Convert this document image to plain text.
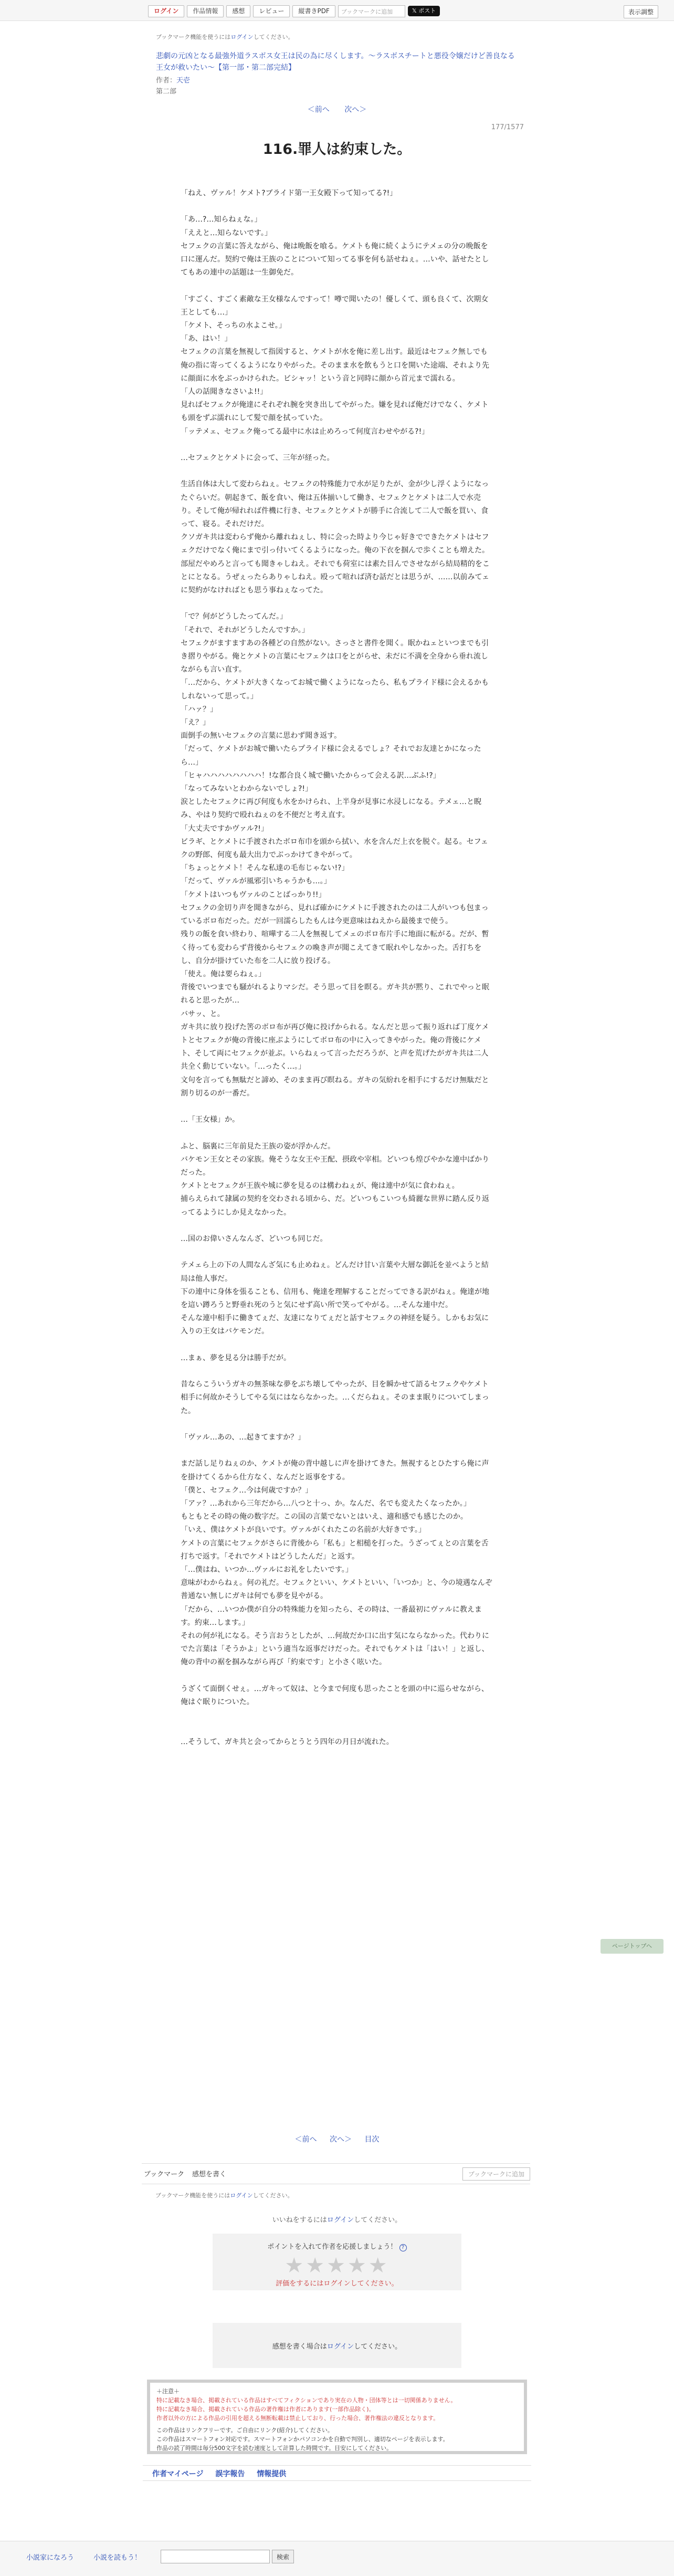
ログイン	作品情報	感想	レビュー	縦書きPDF	ブックマークに追加	𝕏 ポスト	表示調整
ブックマーク機能を使うにはログインしてください。
悲劇の元凶となる最強外道ラスボス女王は民の為に尽くします。〜ラスボスチートと悪役令嬢だけど善良なる王女が救いたい〜【第一部・第二部完結】
作者：天壱
第二部
＜前へ 次へ＞
177/1577
116.罪人は約束した。

「ねえ、ヴァル！ケメト?ブライド第一王女殿下って知ってる?!」

「あ…?…知らねぇな。」

「ええと…知らないです。」

セフェクの言葉に答えながら、俺は晩飯を喰る。ケメトも俺に続くようにテメェの分の晩飯を口に運んだ。契約で俺は王族のことについて知ってる事を何も話せねぇ。…いや、話せたとしてもあの連中の話題は一生御免だ。

「すごく、すごく素敵な王女様なんですって！噂で聞いたの！優しくて、頭も良くて、次期女王としても…」

「ケメト、そっちの水よこせ。」

「あ、はい！」

セフェクの言葉を無視して指図すると、ケメトが水を俺に差し出す。最近はセフェク無しでも俺の指に寄ってくるようになりやがった。そのまま水を飲もうと口を開いた途端、それより先に顔面に水をぶっかけられた。ビシャッ！という音と同時に顔から首元まで濡れる。

「人の話聞きなさいよ!!」

見ればセフェクが俺達にそれぞれ腕を突き出してやがった。嫌を見れば俺だけでなく、ケメトも頭をずぶ濡れにして髪で顔を拭っていた。

「ッテメェ、セフェク俺ってる最中に水は止めろって何度言わせやがる?!」

…セフェクとケメトに会って、三年が経った。

生活自体は大して変わらねぇ。セフェクの特殊能力で水が足りたが、金が少し浮くようになったぐらいだ。朝起きて、飯を食い、俺は五体揃いして働き、セフェクとケメトは二人で水売り。そして俺が帰れれば件機に行き、セフェクとケメトが勝手に合流して二人で飯を買い、食って、寝る。それだけだ。

クソガキ共は変わらず俺から離れねぇし、特に会った時より今じゃ好きでできたケメトはセフェクだけでなく俺にまで引っ付いてくるようになった。俺の下衣を掴んで歩くことも増えた。部屋だやめろと言っても聞きゃしねえ。それでも荷室には素た目んでさせながら結局精的をことにとなる。うぜぇったらありゃしねえ。殴って喧れば済む話だとは思うが、……以前みてェに契約がなければとも思う事ねぇなってた。

「で？何がどうしたってんだ。」

「それで、それがどうしたんですか。」

セフェクがますますあの各種どの自然がない。さっさと書件を聞く。眠かねェといつまでも引き摺りやがる。俺とケメトの言葉にセフェクは口をとがらせ、未だに不満を全身から垂れ流しながらも言い直す。

「…だから、ケメトが大きくなってお城で働くようになったら、私もプライド様に会えるかもしれないって思って。」

「ハァ？」

「え？」

面倒手の無いセフェクの言葉に思わず聞き返す。

「だって、ケメトがお城で働いたらプライド様に会えるでしょ？それでお友達とかになったら…」

「ヒャハハハハハハハハ！!な都合良く城で働いたからって会える訳…ぶふ!?」

「なってみないとわからないでしょ?!」

涙としたセフェクに再び何度も水をかけられ、上半身が見事に水浸しになる。テメェ…と睨み、やはり契約で殴れねぇのを不便だと考え直す。

「大丈夫ですかヴァル?!」

ビラギ、とケメトに手渡されたボロ布巾を頭から拭い、水を含んだ上衣を脱ぐ。起る。セフェクの野郎、何度も最大出力でぶっかけてきやがって。

「ちょっとケメト！そんな私達の毛布じゃない!?」

「だって、ヴァルが風邪引いちゃうかも…。」

「ケメトはいつもヴァルのことばっかり!!」

セフェクの金切り声を聞きながら、見れば確かにケメトに手渡されたのは二人がいつも包まっているボロ布だった。だが一回濡らしたもんは今更意味はねえから最後まで使う。

残りの飯を食い終わり、喧嘩する二人を無視してメェのボロ布片手に地面に転がる。だが、暫く待っても変わらず背後からセフェクの喚き声が聞こえてきて眠れやしなかった。舌打ちをし、自分が掛けていた布を二人に放り投げる。

「使え。俺は要らねぇ。」

背後でいつまでも騒がれるよりマシだ。そう思って目を瞑る。ガキ共が黙り、これでやっと眠れると思ったが…

バサッ、と。

ガキ共に放り投げた筈のボロ布が再び俺に投げかられる。なんだと思って振り返れば丁度ケメトとセフェクが俺の背後に座ぶようにしてボロ布の中に入ってきやがった。俺の背後にケメト、そして両にセフェクが並ぶ。いらねぇって言っただろうが、と声を荒げたがガキ共は二人共全く動じていない。「…ったく…。」

文句を言っても無駄だと諦め、そのまま再び瞑ねる。ガキの気紛れを相手にするだけ無駄だと割り切るのが一番だ。

…「王女様」か。

ふと、脳裏に三年前見た王族の姿が浮かんだ。

バケモン王女とその家族。俺そうな女王や王配、摂政や宰相。どいつも煌びやかな連中ばかりだった。

ケメトとセフェクが王族や城に夢を見るのは構わねぇが、俺は連中が気に食わねぇ。

捕らえられて隷属の契約を交わされる頃から、だ。どいつもこいつも綺麗な世界に踏ん反り返ってるようにしか見えなかった。

…国のお偉いさんなんざ、どいつも同じだ。

テメェら上の下の人間なんざ気にも止めねぇ。どんだけ甘い言葉や大層な御託を並べようと結局は他人事だ。

下の連中に身体を張ることも、信用も、俺達を理解することだってできる訳がねぇ。俺達が地を這い蹲ろうと野垂れ死のうと気にせず高い所で笑ってやがる。…そんな連中だ。

そんな連中相手に働きてぇだ、友達になりてぇだと話すセフェクの神経を疑う。しかもお気に入りの王女はバケモンだ。

…まぁ、夢を見る分は勝手だが。

昔ならこういうガキの無茶味な夢をぶち壊してやったが、目を瞬かせて語るセフェクやケメト相手に何故かそうしてやる気にはならなかった。…くだらねぇ。そのまま眠りについてしまった。

「ヴァル…あの、…起きてますか？」

まだ話し足りねぇのか、ケメトが俺の背中越しに声を掛けてきた。無視するとひたすら俺に声を掛けてくるから仕方なく、なんだと返事をする。

「僕と、セフェク…今は何歳ですか？」

「アァ？…あれから三年だから…八つと十っ、か。なんだ、名でも変えたくなったか。」

もともとその時の俺の数字だ。この国の言葉でないとはいえ、適和感でも感じたのか。

「いえ、僕はケメトが良いです。ヴァルがくれたこの名前が大好きです。」

ケメトの言葉にセフェクがさらに背後から「私も」と相槌を打った。うざってぇとの言葉を舌打ちで返す。「それでケメトはどうしたんだ」と返す。

「…僕はね、いつか…ヴァルにお礼をしたいです。」

意味がわからねぇ。何の礼だ。セフェクといい、ケメトといい、「いつか」と、今の境遇なんぞ普通ない無しにガキは何でも夢を見やがる。

「だから、…いつか僕が自分の特殊能力を知ったら、その時は、一番最初にヴァルに教えます。約束…します。」

それの何が礼になる。そう言おうとしたが、…何故だか口に出す気にならなかった。代わりにでた言葉は「そうかよ」という適当な返事だけだった。それでもケメトは「はい！」と返し、俺の背中の裾を掴みながら再び「約束です」と小さく呟いた。

うざくて面倒くせぇ。…ガキって奴は、と今まで何度も思ったことを頭の中に巡らせながら、俺はぐ眠りについた。

…そうして、ガキ共と会ってからとうとう四年の月日が流れた。

＜前へ 次へ＞ 目次
ブックマーク 感想を書く	ブックマークに追加
ブックマーク機能を使うにはログインしてください。
いいねをするにはログインしてください。
ポイントを入れて作者を応援しましょう！ ?
★★★★★
評価をするにはログインしてください。
感想を書く場合はログインしてください。
＋注意＋
特に記載なき場合、掲載されている作品はすべてフィクションであり実在の人物・団体等とは一切関係ありません。
特に記載なき場合、掲載されている作品の著作権は作者にあります(一部作品除く)。
作者以外の方による作品の引用を超える無断転載は禁止しており、行った場合、著作権法の違反となります。
この作品はリンクフリーです。ご自由にリンク(紹介)してください。
この作品はスマートフォン対応です。スマートフォンかパソコンかを自動で判別し、適切なページを表示します。
作品の読了時間は毎分500文字を読む速度として計算した時間です。目安にしてください。
作者マイページ 誤字報告 情報提供
ページトップへ
小説家になろう	小説を読もう！	検索
